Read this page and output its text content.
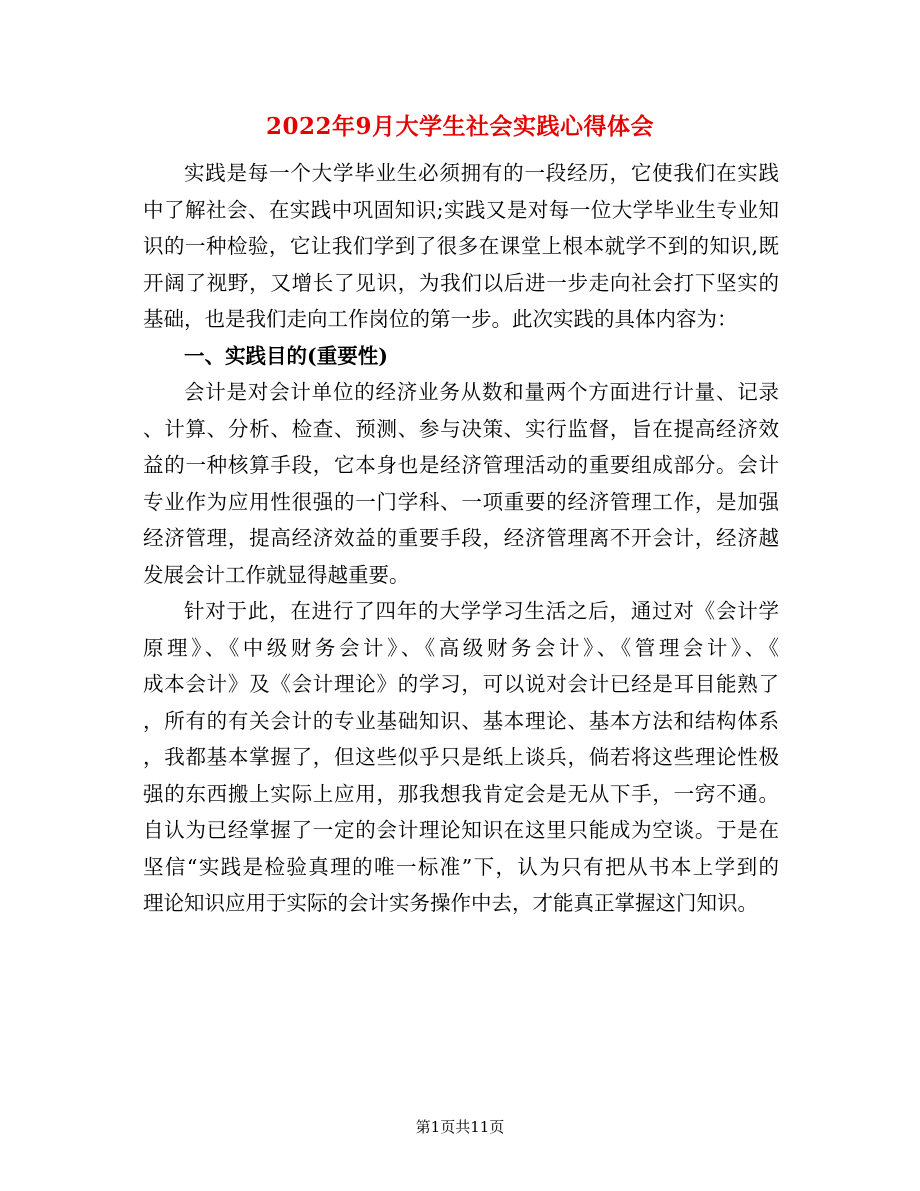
2022年9月大学生社会实践心得体会
实践是每一个大学毕业生必须拥有的一段经历，它使我们在实践
中了解社会、在实践中巩固知识;实践又是对每一位大学毕业生专业知
识的一种检验，它让我们学到了很多在课堂上根本就学不到的知识,既
开阔了视野，又增长了见识，为我们以后进一步走向社会打下坚实的
基础，也是我们走向工作岗位的第一步。此次实践的具体内容为：
一、实践目的(重要性)
会计是对会计单位的经济业务从数和量两个方面进行计量、记录
、计算、分析、检查、预测、参与决策、实行监督，旨在提高经济效
益的一种核算手段，它本身也是经济管理活动的重要组成部分。会计
专业作为应用性很强的一门学科、一项重要的经济管理工作，是加强
经济管理，提高经济效益的重要手段，经济管理离不开会计，经济越
发展会计工作就显得越重要。
针对于此，在进行了四年的大学学习生活之后，通过对《会计学
原理》、《中级财务会计》、《高级财务会计》、《管理会计》、《
成本会计》及《会计理论》的学习，可以说对会计已经是耳目能熟了
，所有的有关会计的专业基础知识、基本理论、基本方法和结构体系
，我都基本掌握了，但这些似乎只是纸上谈兵，倘若将这些理论性极
强的东西搬上实际上应用，那我想我肯定会是无从下手，一窍不通。
自认为已经掌握了一定的会计理论知识在这里只能成为空谈。于是在
坚信“实践是检验真理的唯一标准”下，认为只有把从书本上学到的
理论知识应用于实际的会计实务操作中去，才能真正掌握这门知识。
第1页共11页
